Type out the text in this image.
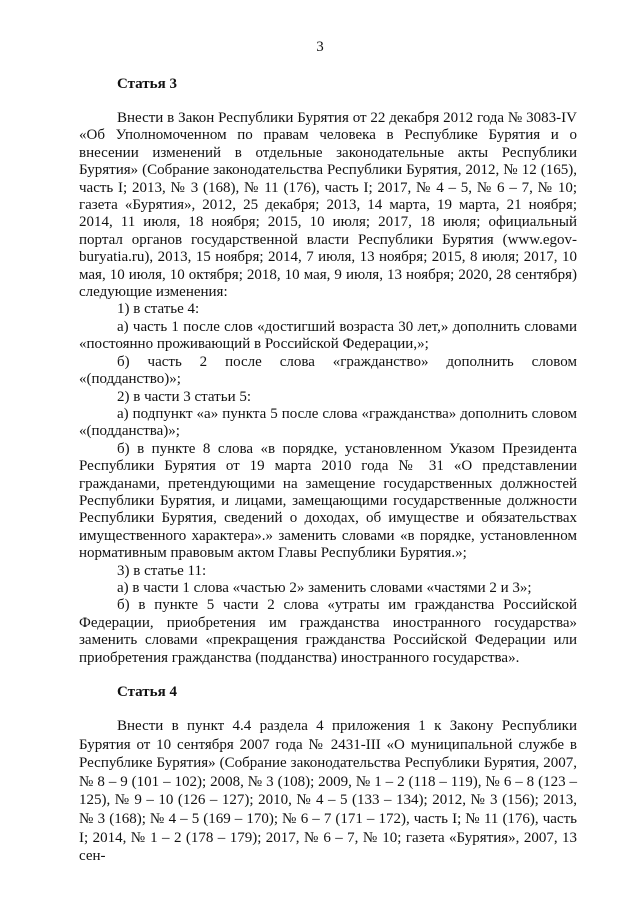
3
Статья 3
Внести в Закон Республики Бурятия от 22 декабря 2012 года № 3083-IV «Об Уполномоченном по правам человека в Республике Бурятия и о внесении изменений в отдельные законодательные акты Республики Бурятия» (Собрание законодательства Республики Бурятия, 2012, № 12 (165), часть I; 2013, № 3 (168), № 11 (176), часть I; 2017, № 4 – 5, № 6 – 7, № 10; газета «Бурятия», 2012, 25 декабря; 2013, 14 марта, 19 марта, 21 ноября; 2014, 11 июля, 18 ноября; 2015, 10 июля; 2017, 18 июля; официальный портал органов государственной власти Республики Бурятия (www.egov-buryatia.ru), 2013, 15 ноября; 2014, 7 июля, 13 ноября; 2015, 8 июля; 2017, 10 мая, 10 июля, 10 октября; 2018, 10 мая, 9 июля, 13 ноября; 2020, 28 сентября) следующие изменения:
1) в статье 4:
а) часть 1 после слов «достигший возраста 30 лет,» дополнить словами «постоянно проживающий в Российской Федерации,»;
б) часть 2 после слова «гражданство» дополнить словом «(подданство)»;
2) в части 3 статьи 5:
а) подпункт «а» пункта 5 после слова «гражданства» дополнить словом «(подданства)»;
б) в пункте 8 слова «в порядке, установленном Указом Президента Республики Бурятия от 19 марта 2010 года № 31 «О представлении гражданами, претендующими на замещение государственных должностей Республики Бурятия, и лицами, замещающими государственные должности Республики Бурятия, сведений о доходах, об имуществе и обязательствах имущественного характера».» заменить словами «в порядке, установленном нормативным правовым актом Главы Республики Бурятия.»;
3) в статье 11:
а) в части 1 слова «частью 2» заменить словами «частями 2 и 3»;
б) в пункте 5 части 2 слова «утраты им гражданства Российской Федерации, приобретения им гражданства иностранного государства» заменить словами «прекращения гражданства Российской Федерации или приобретения гражданства (подданства) иностранного государства».
Статья 4
Внести в пункт 4.4 раздела 4 приложения 1 к Закону Республики Бурятия от 10 сентября 2007 года № 2431-III «О муниципальной службе в Республике Бурятия» (Собрание законодательства Республики Бурятия, 2007, № 8 – 9 (101 – 102); 2008, № 3 (108); 2009, № 1 – 2 (118 – 119), № 6 – 8 (123 – 125), № 9 – 10 (126 – 127); 2010, № 4 – 5 (133 – 134); 2012, № 3 (156); 2013, № 3 (168); № 4 – 5 (169 – 170); № 6 – 7 (171 – 172), часть I; № 11 (176), часть I; 2014, № 1 – 2 (178 – 179); 2017, № 6 – 7, № 10; газета «Бурятия», 2007, 13 сен-
